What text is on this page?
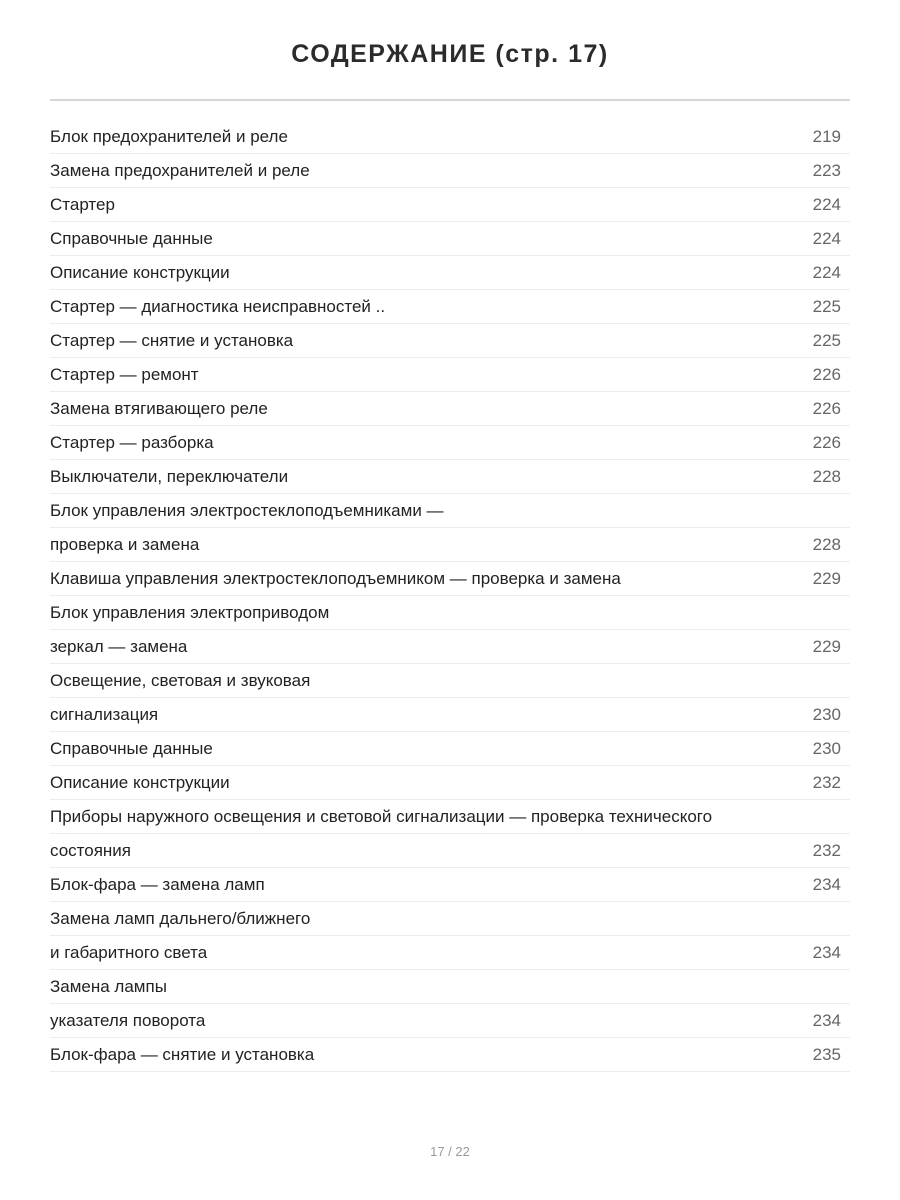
СОДЕРЖАНИЕ (стр. 17)
Блок предохранителей и реле	219
Замена предохранителей и реле	223
Стартер	224
Справочные данные	224
Описание конструкции	224
Стартер — диагностика неисправностей ..	225
Стартер — снятие и установка	225
Стартер — ремонт	226
Замена втягивающего реле	226
Стартер — разборка	226
Выключатели, переключатели	228
Блок управления электростеклоподъемниками —
проверка и замена	228
Клавиша управления электростеклоподъемником — проверка и замена	229
Блок управления электроприводом
зеркал — замена	229
Освещение, световая и звуковая
сигнализация	230
Справочные данные	230
Описание конструкции	232
Приборы наружного освещения и световой сигнализации — проверка технического
состояния	232
Блок-фара — замена ламп	234
Замена ламп дальнего/ближнего
и габаритного света	234
Замена лампы
указателя поворота	234
Блок-фара — снятие и установка	235
17 / 22
